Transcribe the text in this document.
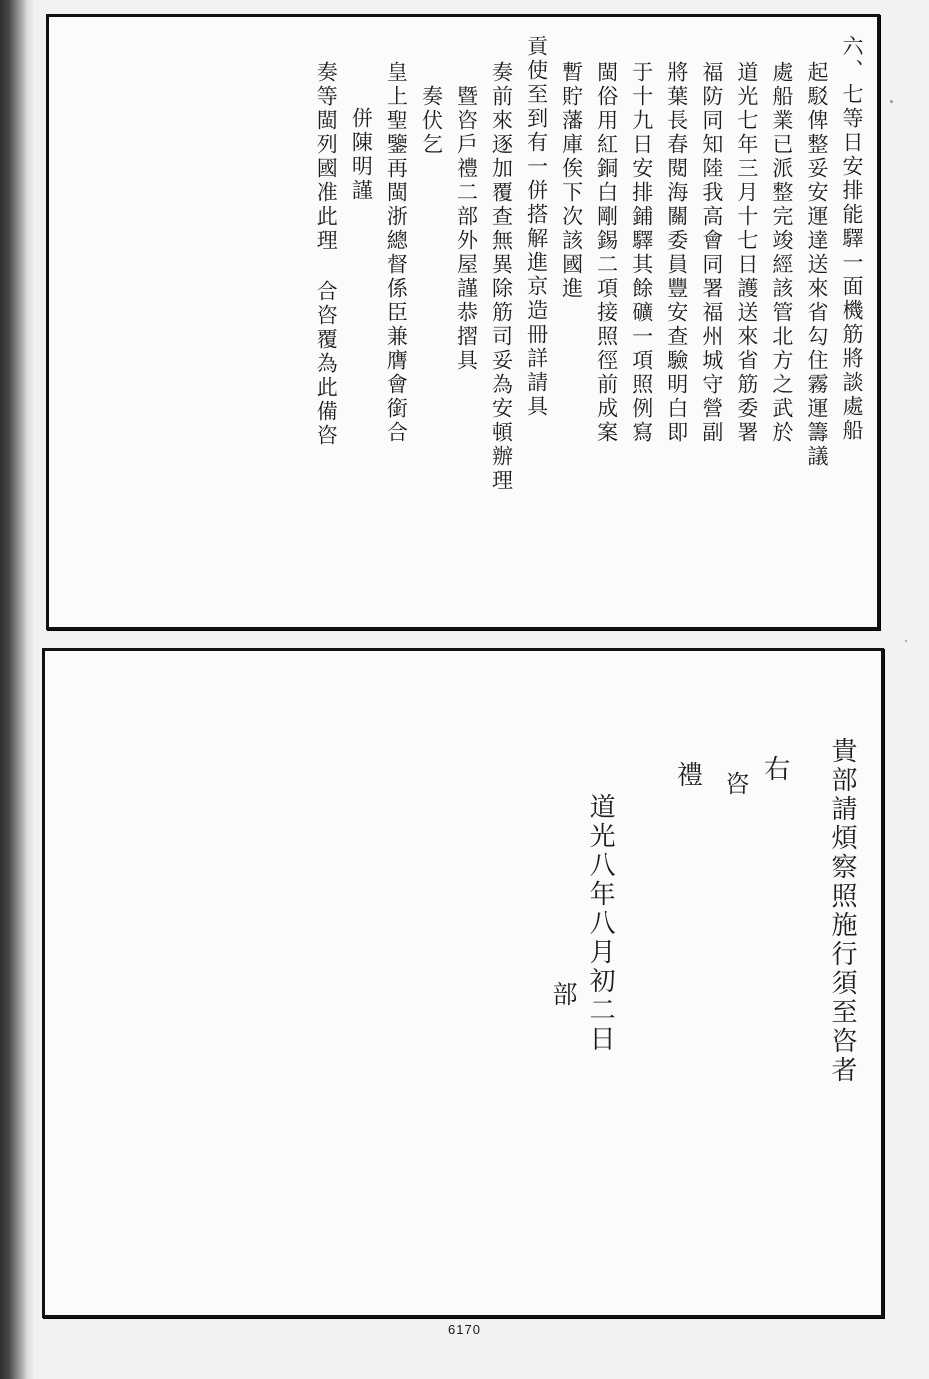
六、七等日安排能驛一面機筋將談處船
起駁俾整妥安運達送來省勾住霧運籌議
處船業已派整完竣經該管北方之武於
道光七年三月十七日護送來省筋委署
福防同知陸我高會同署福州城守營副
將葉長春閱海關委員豐安查驗明白即
于十九日安排鋪驛其餘礦一項照例寫
閩俗用紅銅白剛錫二項接照徑前成案
暫貯藩庫俟下次該國進
貢使至到有一併搭解進京造冊詳請具
奏前來逐加覆查無異除筋司妥為安頓辦理
暨咨戶禮二部外屋謹恭摺具
奏伏乞
皇上聖鑒再閩浙總督係臣兼膺會銜合
併陳明謹
奏等閩列國准此理 合咨覆為此備咨
貴部請煩察照施行須至咨者
右
禮
道光八年八月初二日
咨
部
6170
